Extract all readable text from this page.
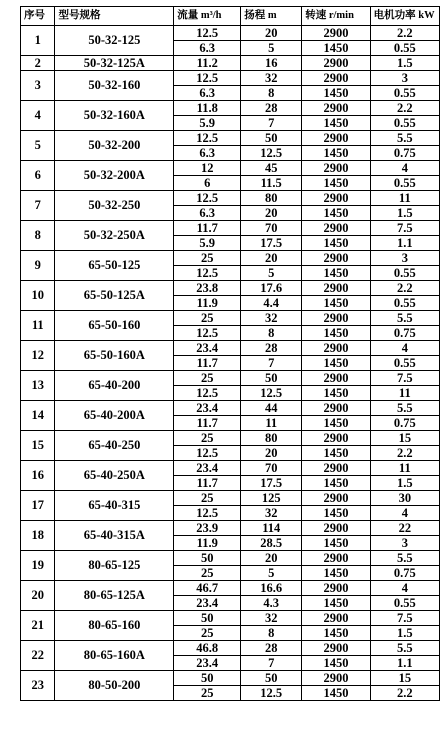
序号	型号规格	流量 m³/h	扬程 m	转速 r/min	电机功率 kW
1	50-32-125	12.5	20	2900	2.2
		6.3	5	1450	0.55
2	50-32-125A	11.2	16	2900	1.5
3	50-32-160	12.5	32	2900	3
		6.3	8	1450	0.55
4	50-32-160A	11.8	28	2900	2.2
		5.9	7	1450	0.55
5	50-32-200	12.5	50	2900	5.5
		6.3	12.5	1450	0.75
6	50-32-200A	12	45	2900	4
		6	11.5	1450	0.55
7	50-32-250	12.5	80	2900	11
		6.3	20	1450	1.5
8	50-32-250A	11.7	70	2900	7.5
		5.9	17.5	1450	1.1
9	65-50-125	25	20	2900	3
		12.5	5	1450	0.55
10	65-50-125A	23.8	17.6	2900	2.2
		11.9	4.4	1450	0.55
11	65-50-160	25	32	2900	5.5
		12.5	8	1450	0.75
12	65-50-160A	23.4	28	2900	4
		11.7	7	1450	0.55
13	65-40-200	25	50	2900	7.5
		12.5	12.5	1450	11
14	65-40-200A	23.4	44	2900	5.5
		11.7	11	1450	0.75
15	65-40-250	25	80	2900	15
		12.5	20	1450	2.2
16	65-40-250A	23.4	70	2900	11
		11.7	17.5	1450	1.5
17	65-40-315	25	125	2900	30
		12.5	32	1450	4
18	65-40-315A	23.9	114	2900	22
		11.9	28.5	1450	3
19	80-65-125	50	20	2900	5.5
		25	5	1450	0.75
20	80-65-125A	46.7	16.6	2900	4
		23.4	4.3	1450	0.55
21	80-65-160	50	32	2900	7.5
		25	8	1450	1.5
22	80-65-160A	46.8	28	2900	5.5
		23.4	7	1450	1.1
23	80-50-200	50	50	2900	15
		25	12.5	1450	2.2
